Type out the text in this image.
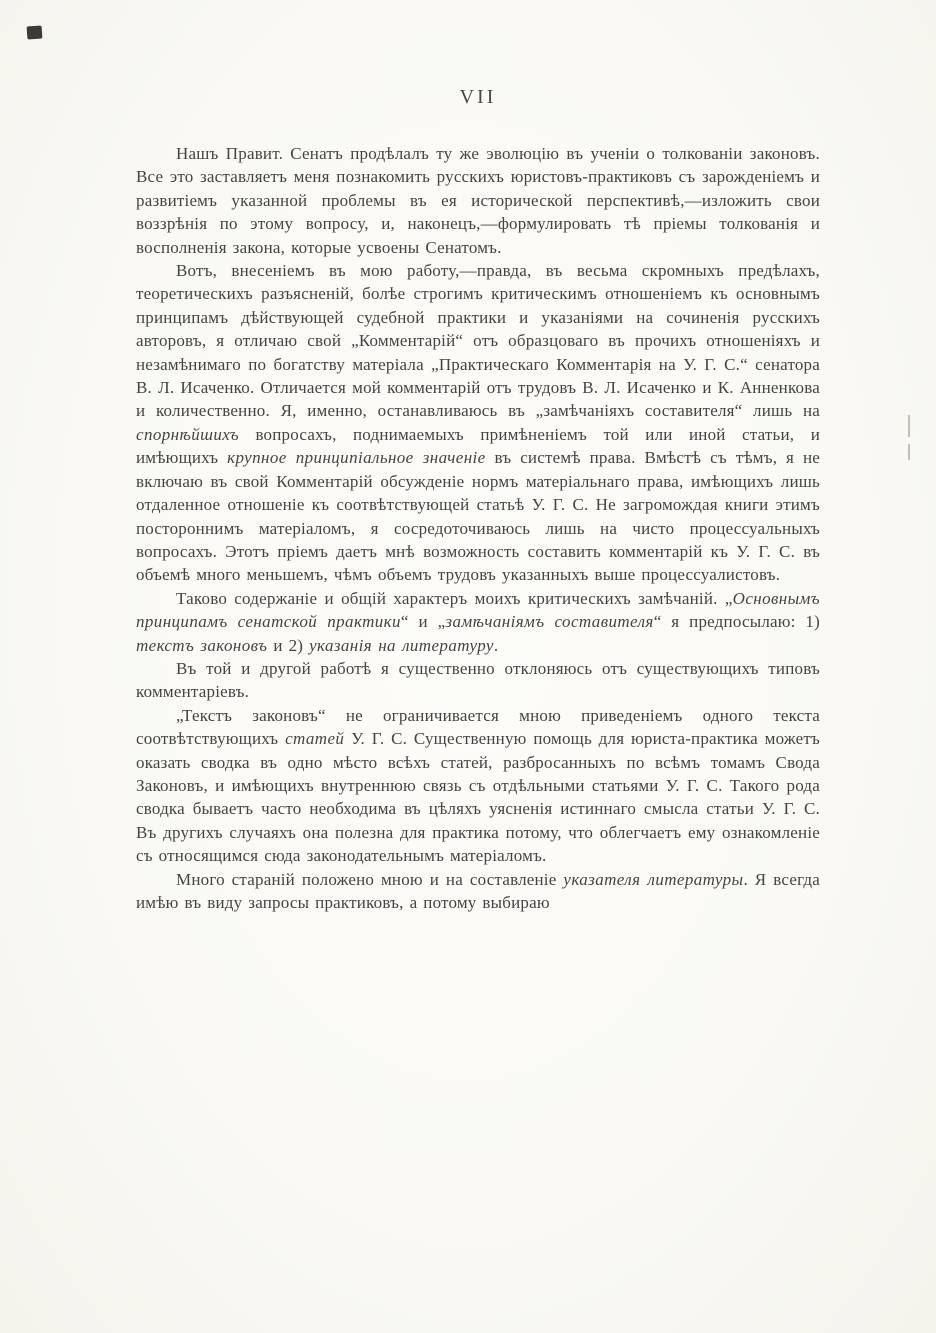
VII

Нашъ Правит. Сенатъ продѣлалъ ту же эволюцію въ ученіи о толкованіи законовъ. Все это заставляетъ меня познакомить русскихъ юристовъ-практиковъ съ зарожденіемъ и развитіемъ указанной проблемы въ ея исторической перспективѣ,—изложить свои воззрѣнія по этому вопросу, и, наконецъ,—формулировать тѣ пріемы толкованія и восполненія закона, которые усвоены Сенатомъ.

Вотъ, внесеніемъ въ мою работу,—правда, въ весьма скромныхъ предѣлахъ, теоретическихъ разъясненій, болѣе строгимъ критическимъ отношеніемъ къ основнымъ принципамъ дѣйствующей судебной практики и указаніями на сочиненія русскихъ авторовъ, я отличаю свой „Комментарій“ отъ образцоваго въ прочихъ отношеніяхъ и незамѣнимаго по богатству матеріала „Практическаго Комментарія на У. Г. С.“ сенатора В. Л. Исаченко. Отличается мой комментарій отъ трудовъ В. Л. Исаченко и К. Анненкова и количественно. Я, именно, останавливаюсь въ „замѣчаніяхъ составителя“ лишь на спорнѣйшихъ вопросахъ, поднимаемыхъ примѣненіемъ той или иной статьи, и имѣющихъ крупное принципіальное значеніе въ системѣ права. Вмѣстѣ съ тѣмъ, я не включаю въ свой Комментарій обсужденіе нормъ матеріальнаго права, имѣющихъ лишь отдаленное отношеніе къ соотвѣтствующей статьѣ У. Г. С. Не загромождая книги этимъ постороннимъ матеріаломъ, я сосредоточиваюсь лишь на чисто процессуальныхъ вопросахъ. Этотъ пріемъ даетъ мнѣ возможность составить комментарій къ У. Г. С. въ объемѣ много меньшемъ, чѣмъ объемъ трудовъ указанныхъ выше процессуалистовъ.

Таково содержаніе и общій характеръ моихъ критическихъ замѣчаній. „Основнымъ принципамъ сенатской практики“ и „замѣчаніямъ составителя“ я предпосылаю: 1) текстъ законовъ и 2) указанія на литературу.

Въ той и другой работѣ я существенно отклоняюсь отъ существующихъ типовъ комментаріевъ.

„Текстъ законовъ“ не ограничивается мною приведеніемъ одного текста соотвѣтствующихъ статей У. Г. С. Существенную помощь для юриста-практика можетъ оказать сводка въ одно мѣсто всѣхъ статей, разбросанныхъ по всѣмъ томамъ Свода Законовъ, и имѣющихъ внутреннюю связь съ отдѣльными статьями У. Г. С. Такого рода сводка бываетъ часто необходима въ цѣляхъ уясненія истиннаго смысла статьи У. Г. С. Въ другихъ случаяхъ она полезна для практика потому, что облегчаетъ ему ознакомленіе съ относящимся сюда законодательнымъ матеріаломъ.

Много стараній положено мною и на составленіе указателя литературы. Я всегда имѣю въ виду запросы практиковъ, а потому выбираю
